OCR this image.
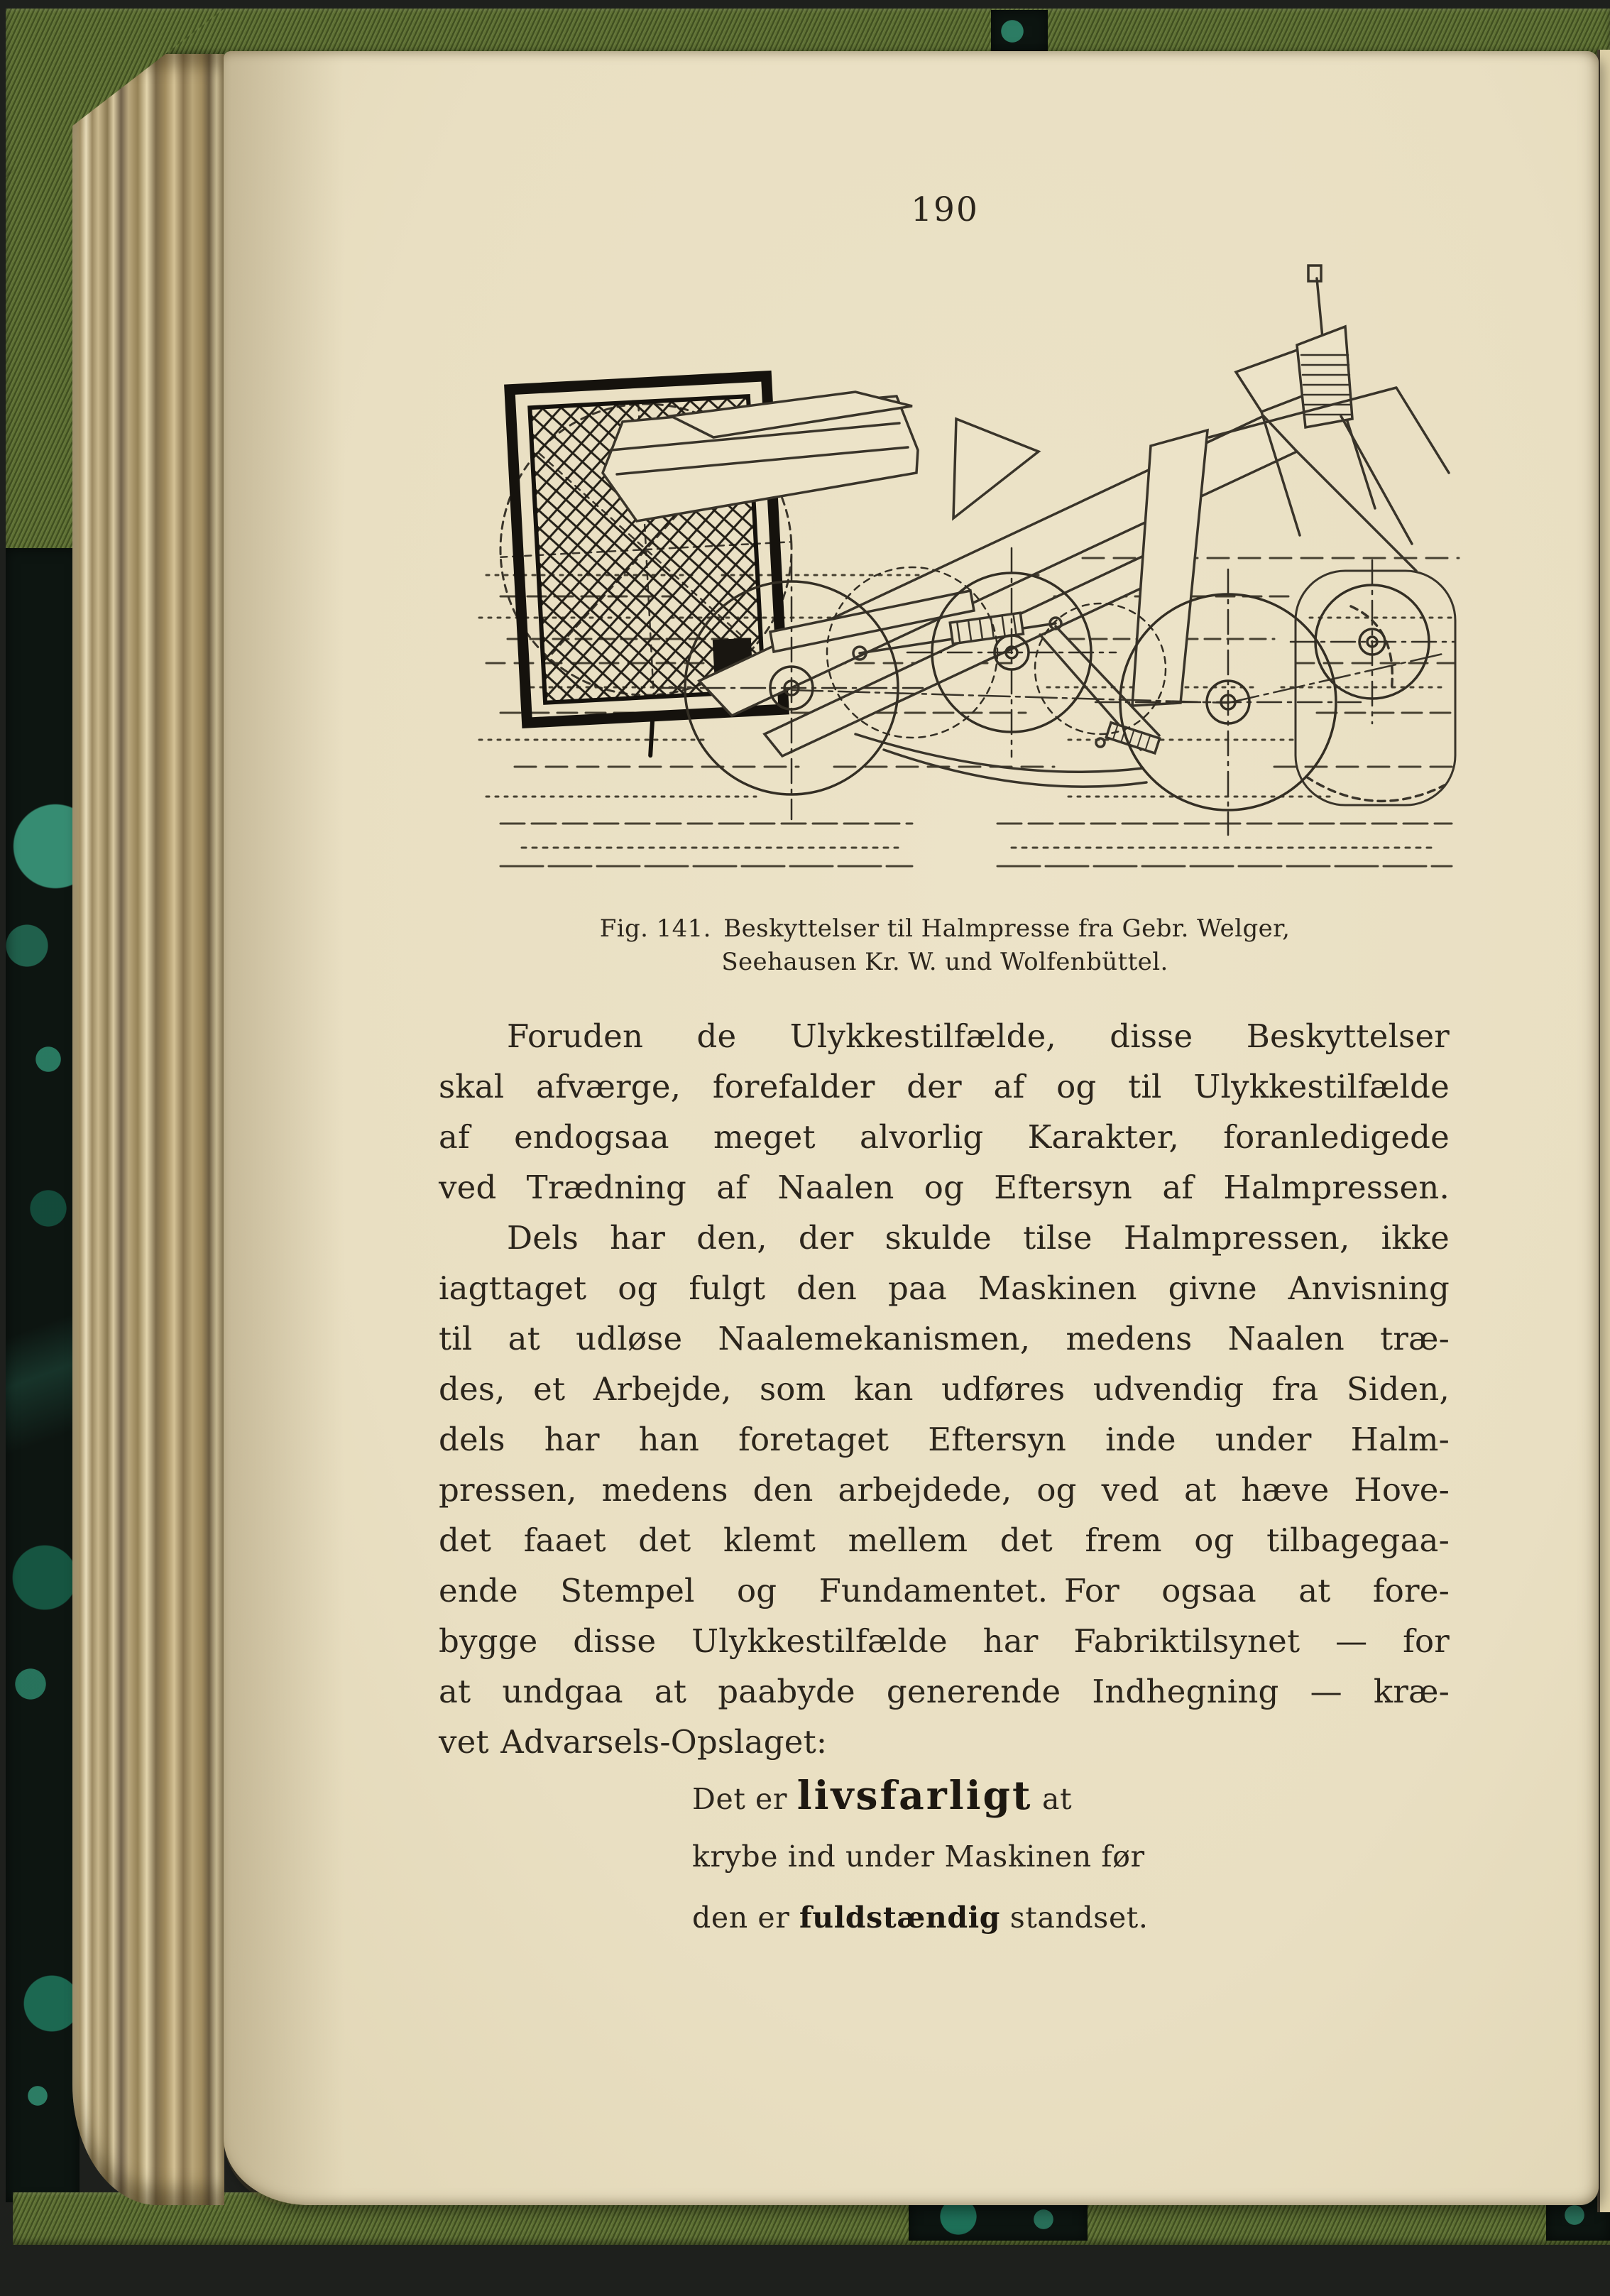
190
Fig. 141. Beskyttelser til Halmpresse fra Gebr. Welger,
Seehausen Kr. W. und Wolfenbüttel.
Foruden de Ulykkestilfælde, disse Beskyttelser
skal afværge, forefalder der af og til Ulykkestilfælde
af endogsaa meget alvorlig Karakter, foranledigede
ved Trædning af Naalen og Eftersyn af Halmpressen.
Dels har den, der skulde tilse Halmpressen, ikke
iagttaget og fulgt den paa Maskinen givne Anvisning
til at udløse Naalemekanismen, medens Naalen træ-
des, et Arbejde, som kan udføres udvendig fra Siden,
dels har han foretaget Eftersyn inde under Halm-
pressen, medens den arbejdede, og ved at hæve Hove-
det faaet det klemt mellem det frem og tilbagegaa-
ende Stempel og Fundamentet. For ogsaa at fore-
bygge disse Ulykkestilfælde har Fabriktilsynet — for
at undgaa at paabyde generende Indhegning — kræ-
vet Advarsels-Opslaget:
Det er livsfarligt at
krybe ind under Maskinen før
den er fuldstændig standset.
